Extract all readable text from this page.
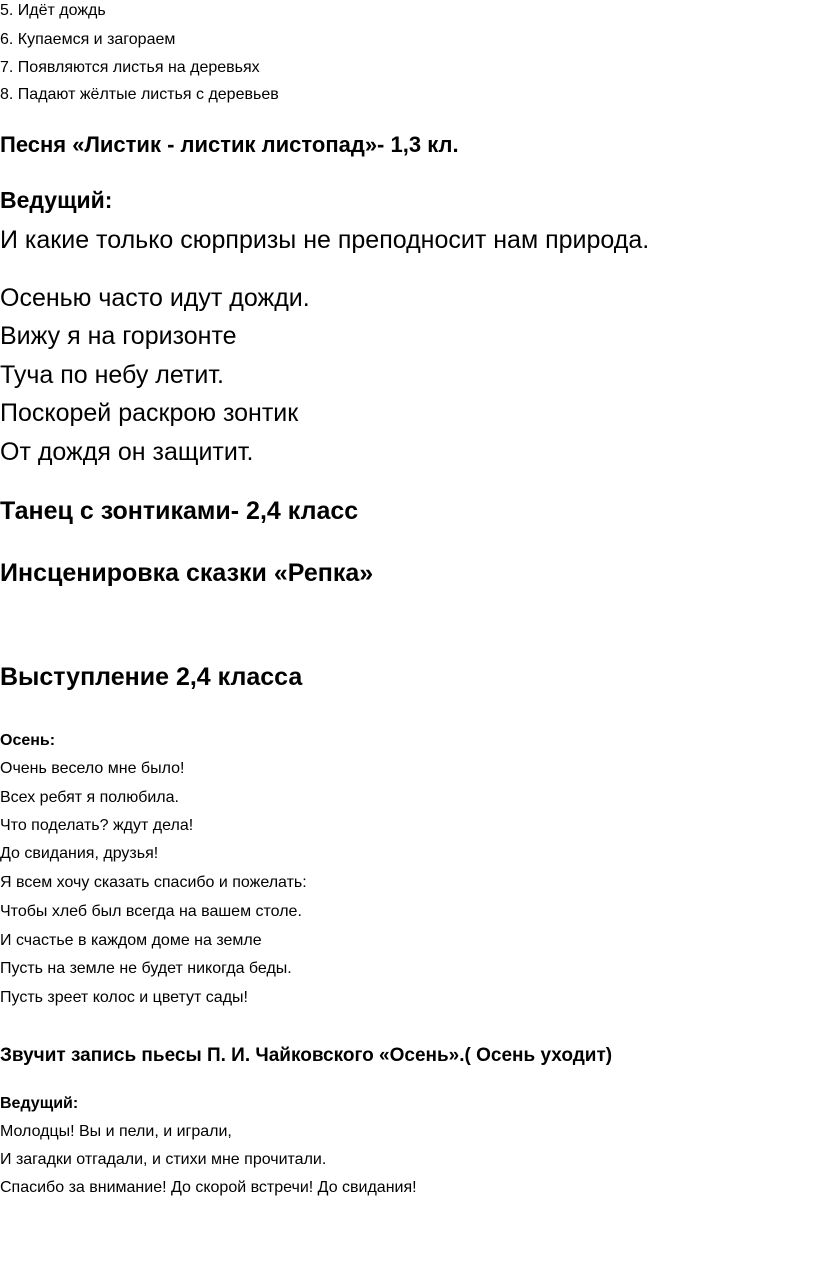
5. Идёт дождь
6. Купаемся и загораем
7. Появляются листья на деревьях
8. Падают жёлтые листья с деревьев
Песня «Листик - листик листопад»- 1,3 кл.
Ведущий:
И какие только сюрпризы не преподносит нам природа.
Осенью часто идут дожди.
Вижу я на горизонте
Туча по небу летит.
Поскорей раскрою зонтик
От дождя он защитит.
Танец с зонтиками- 2,4 класс
Инсценировка сказки «Репка»
Выступление 2,4 класса
Осень:
Очень весело мне было!
Всех ребят я полюбила.
Что поделать? ждут дела!
До свидания, друзья!
Я всем хочу сказать спасибо и пожелать:
Чтобы хлеб был всегда на вашем столе.
И счастье в каждом доме на земле
Пусть на земле не будет никогда беды.
Пусть зреет колос и цветут сады!
Звучит запись пьесы П. И. Чайковского «Осень».( Осень уходит)
Ведущий:
Молодцы! Вы и пели, и играли,
И загадки отгадали, и стихи мне прочитали.
Спасибо за внимание! До скорой встречи! До свидания!
